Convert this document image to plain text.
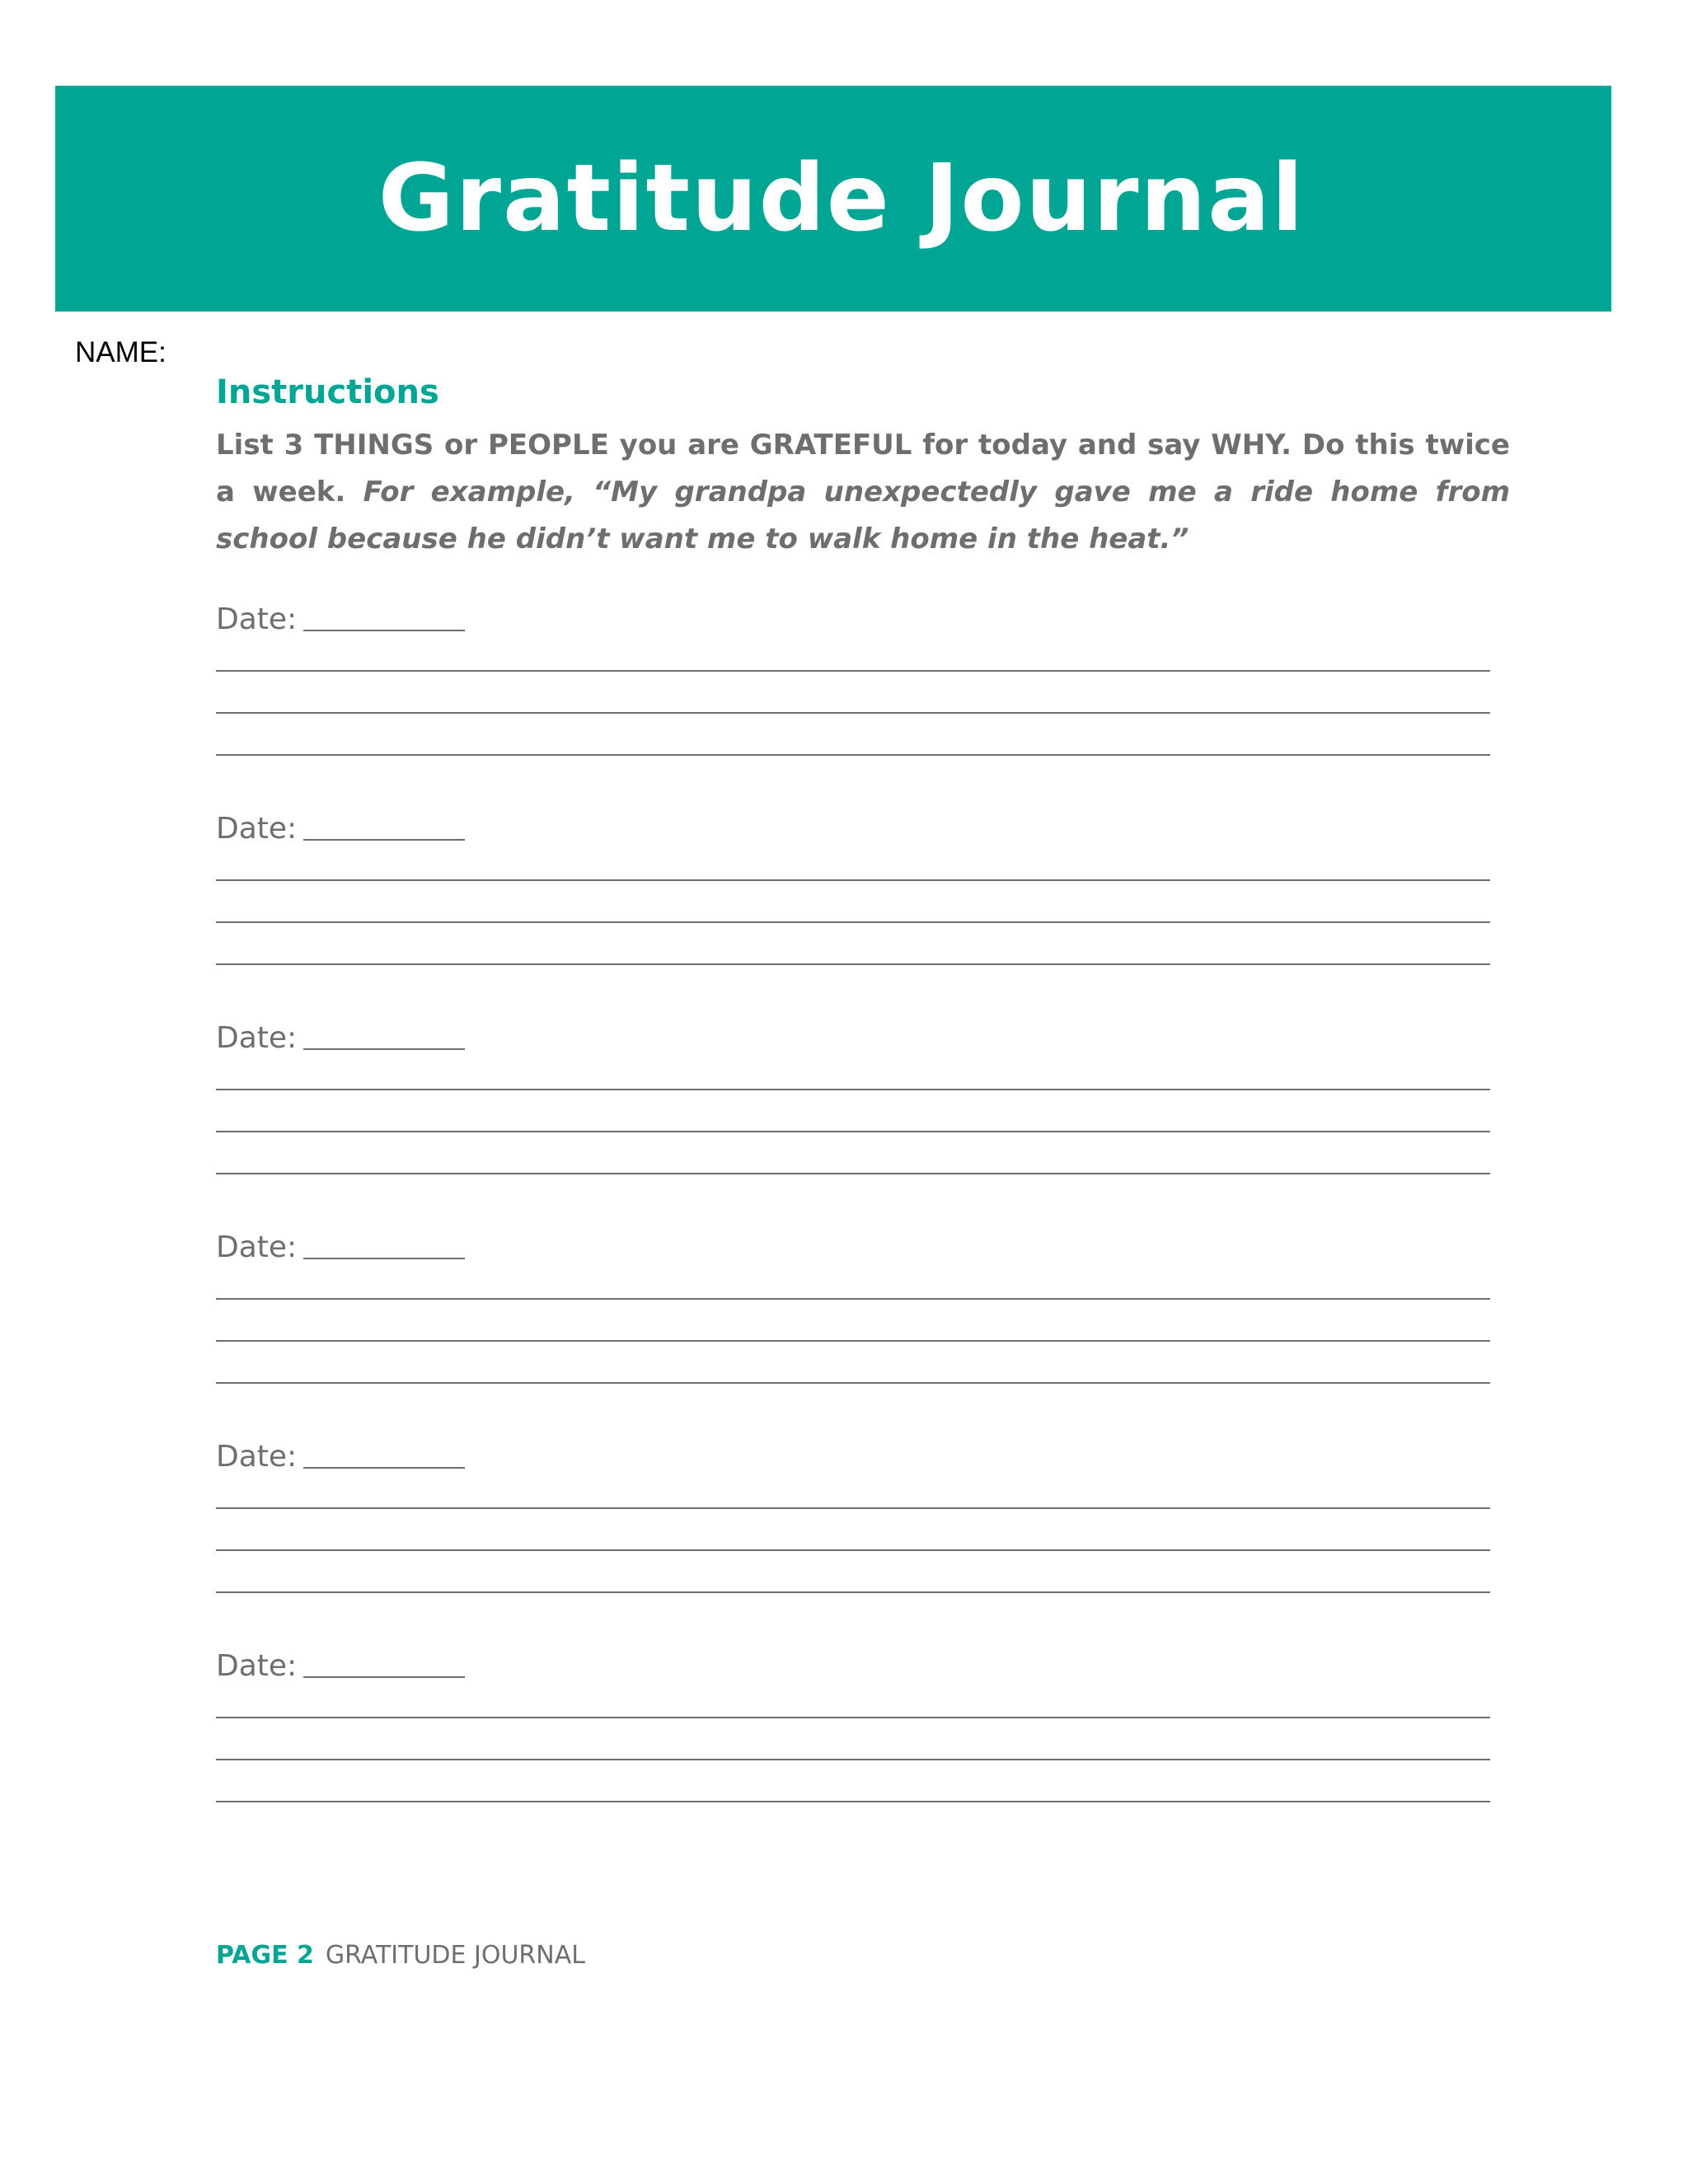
Gratitude Journal
NAME:
Instructions
List 3 THINGS or PEOPLE you are GRATEFUL for today and say WHY. Do this twice a week. For example, “My grandpa unexpectedly gave me a ride home from school because he didn’t want me to walk home in the heat.”
Date:
Date:
Date:
Date:
Date:
Date:
PAGE 2 GRATITUDE JOURNAL
